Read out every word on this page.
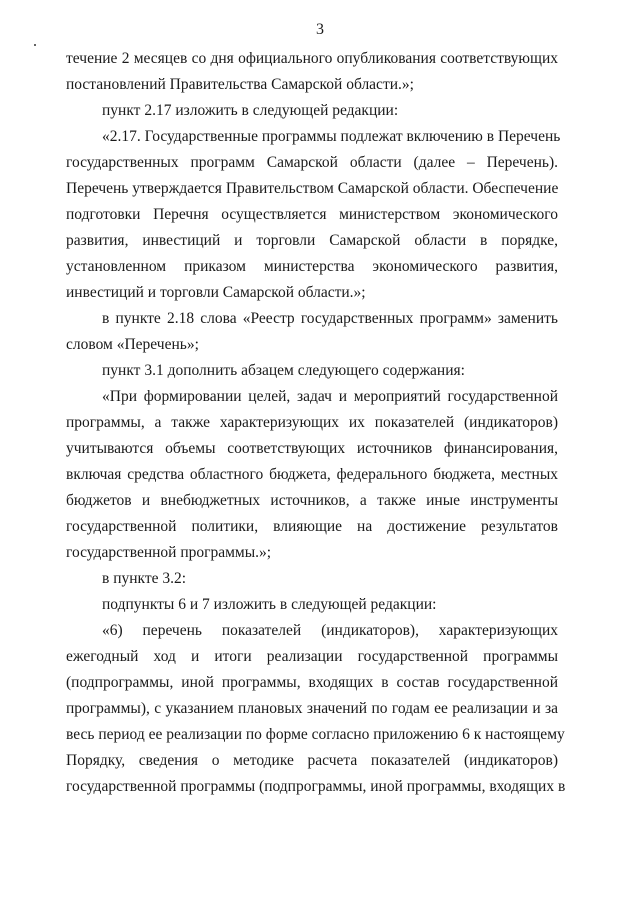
3
течение 2 месяцев со дня официального опубликования соответствующих
постановлений Правительства Самарской области.»;
пункт 2.17 изложить в следующей редакции:
«2.17. Государственные программы подлежат включению в Перечень
государственных программ Самарской области (далее – Перечень).
Перечень утверждается Правительством Самарской области. Обеспечение
подготовки Перечня осуществляется министерством экономического
развития, инвестиций и торговли Самарской области в порядке,
установленном приказом министерства экономического развития,
инвестиций и торговли Самарской области.»;
в пункте 2.18 слова «Реестр государственных программ» заменить
словом «Перечень»;
пункт 3.1 дополнить абзацем следующего содержания:
«При формировании целей, задач и мероприятий государственной
программы, а также характеризующих их показателей (индикаторов)
учитываются объемы соответствующих источников финансирования,
включая средства областного бюджета, федерального бюджета, местных
бюджетов и внебюджетных источников, а также иные инструменты
государственной политики, влияющие на достижение результатов
государственной программы.»;
в пункте 3.2:
подпункты 6 и 7 изложить в следующей редакции:
«6) перечень показателей (индикаторов), характеризующих
ежегодный ход и итоги реализации государственной программы
(подпрограммы, иной программы, входящих в состав государственной
программы), с указанием плановых значений по годам ее реализации и за
весь период ее реализации по форме согласно приложению 6 к настоящему
Порядку, сведения о методике расчета показателей (индикаторов)
государственной программы (подпрограммы, иной программы, входящих в
